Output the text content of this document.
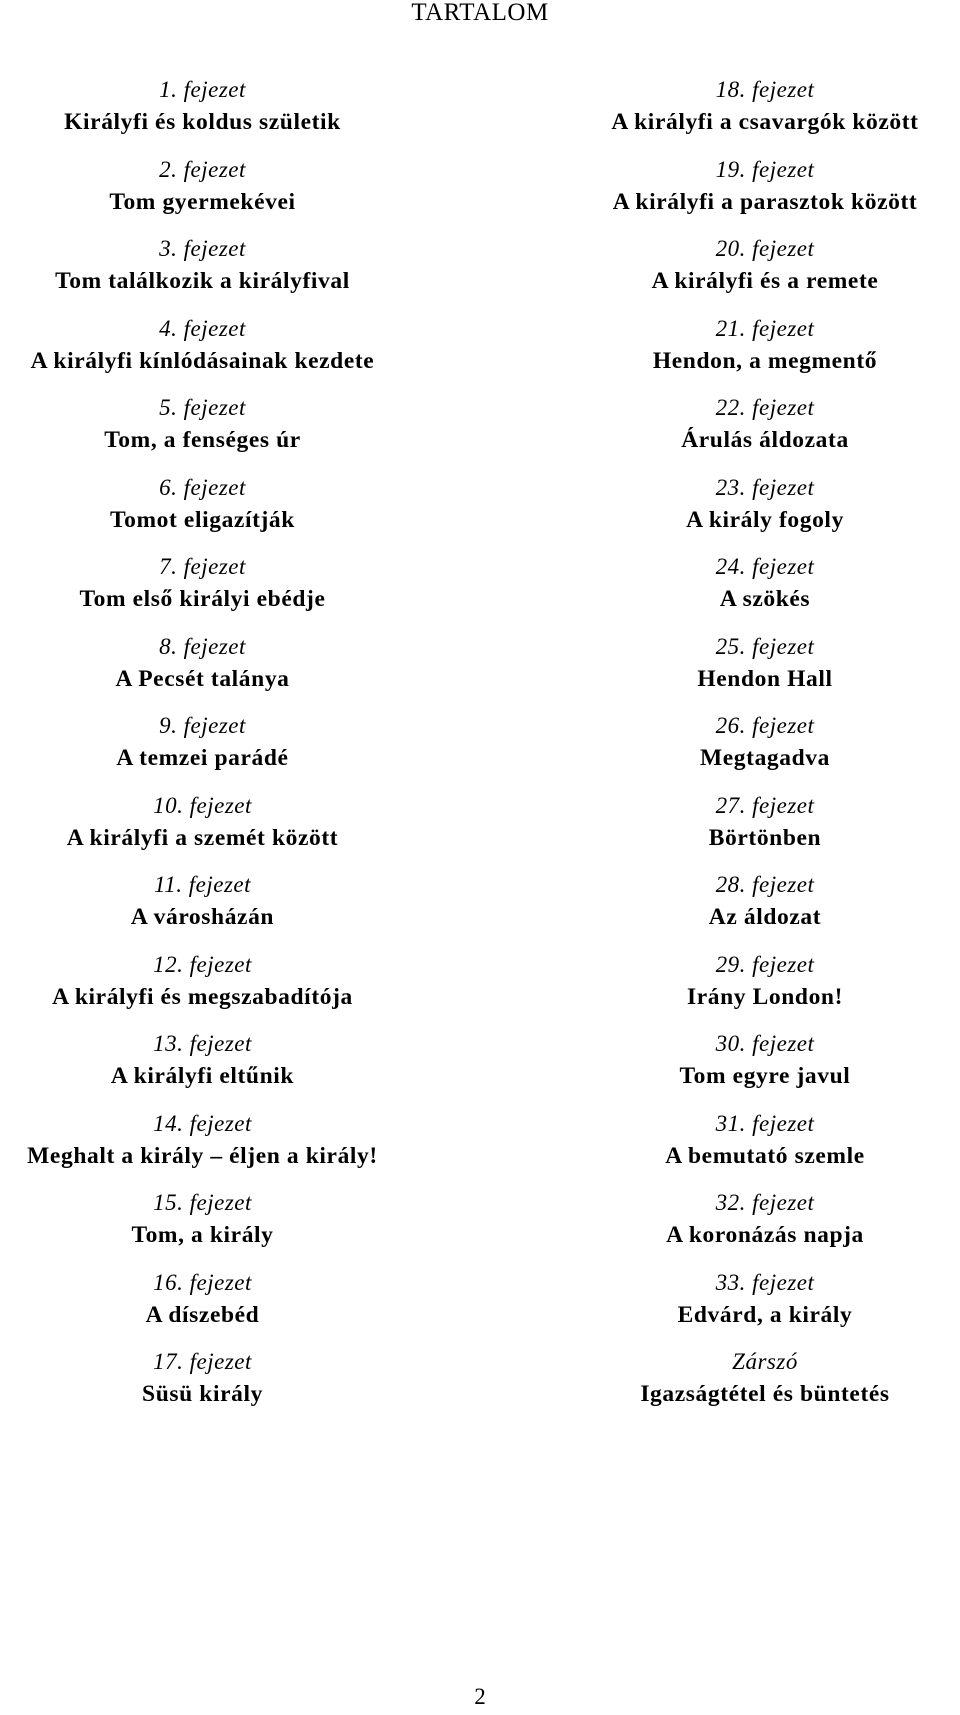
TARTALOM
1. fejezet
Királyfi és koldus születik
2. fejezet
Tom gyermekévei
3. fejezet
Tom találkozik a királyfival
4. fejezet
A királyfi kínlódásainak kezdete
5. fejezet
Tom, a fenséges úr
6. fejezet
Tomot eligazítják
7. fejezet
Tom első királyi ebédje
8. fejezet
A Pecsét talánya
9. fejezet
A temzei parádé
10. fejezet
A királyfi a szemét között
11. fejezet
A városházán
12. fejezet
A királyfi és megszabadítója
13. fejezet
A királyfi eltűnik
14. fejezet
Meghalt a király – éljen a király!
15. fejezet
Tom, a király
16. fejezet
A díszebéd
17. fejezet
Süsü király
18. fejezet
A királyfi a csavargók között
19. fejezet
A királyfi a parasztok között
20. fejezet
A királyfi és a remete
21. fejezet
Hendon, a megmentő
22. fejezet
Árulás áldozata
23. fejezet
A király fogoly
24. fejezet
A szökés
25. fejezet
Hendon Hall
26. fejezet
Megtagadva
27. fejezet
Börtönben
28. fejezet
Az áldozat
29. fejezet
Irány London!
30. fejezet
Tom egyre javul
31. fejezet
A bemutató szemle
32. fejezet
A koronázás napja
33. fejezet
Edvárd, a király
Zárszó
Igazságtétel és büntetés
2
